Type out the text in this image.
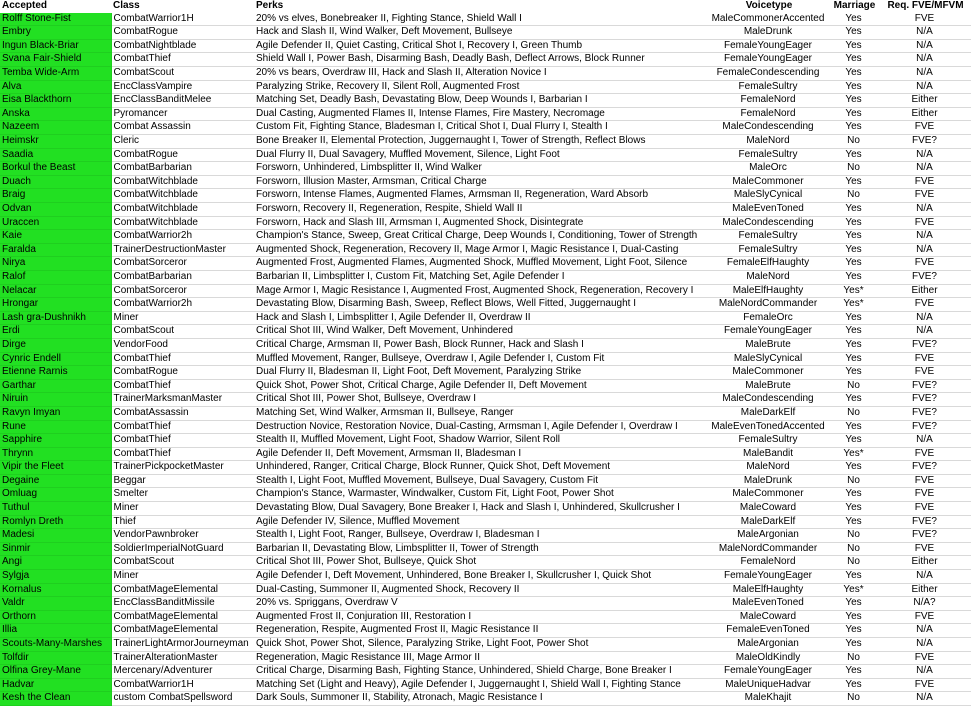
Accepted	Class	Perks	Voicetype	Marriage	Req. FVE/MFVM
Rolff Stone-Fist	CombatWarrior1H	20% vs elves, Bonebreaker II, Fighting Stance, Shield Wall I	MaleCommonerAccented	Yes	FVE
Embry	CombatRogue	Hack and Slash II, Wind Walker, Deft Movement, Bullseye	MaleDrunk	Yes	N/A
Ingun Black-Briar	CombatNightblade	Agile Defender II, Quiet Casting, Critical Shot I, Recovery I, Green Thumb	FemaleYoungEager	Yes	N/A
Svana Fair-Shield	CombatThief	Shield Wall I, Power Bash, Disarming Bash, Deadly Bash, Deflect Arrows, Block Runner	FemaleYoungEager	Yes	N/A
Temba Wide-Arm	CombatScout	20% vs bears, Overdraw III, Hack and Slash II, Alteration Novice I	FemaleCondescending	Yes	N/A
Alva	EncClassVampire	Paralyzing Strike, Recovery II, Silent Roll, Augmented Frost	FemaleSultry	Yes	N/A
Eisa Blackthorn	EncClassBanditMelee	Matching Set, Deadly Bash, Devastating Blow, Deep Wounds I, Barbarian I	FemaleNord	Yes	Either
Anska	Pyromancer	Dual Casting, Augmented Flames II, Intense Flames, Fire Mastery, Necromage	FemaleNord	Yes	Either
Nazeem	Combat Assassin	Custom Fit, Fighting Stance, Bladesman I, Critical Shot I, Dual Flurry I, Stealth I	MaleCondescending	Yes	FVE
Heimskr	Cleric	Bone Breaker II, Elemental Protection, Juggernaught I, Tower of Strength, Reflect Blows	MaleNord	No	FVE?
Saadia	CombatRogue	Dual Flurry II, Dual Savagery, Muffled Movement, Silence, Light Foot	FemaleSultry	Yes	N/A
Borkul the Beast	CombatBarbarian	Forsworn, Unhindered, Limbsplitter II, Wind Walker	MaleOrc	No	N/A
Duach	CombatWitchblade	Forsworn, Illusion Master, Armsman, Critical Charge	MaleCommoner	Yes	FVE
Braig	CombatWitchblade	Forsworn, Intense Flames, Augmented Flames, Armsman II, Regeneration, Ward Absorb	MaleSlyCynical	No	FVE
Odvan	CombatWitchblade	Forsworn, Recovery II, Regeneration, Respite, Shield Wall II	MaleEvenToned	Yes	N/A
Uraccen	CombatWitchblade	Forsworn, Hack and Slash III, Armsman I, Augmented Shock, Disintegrate	MaleCondescending	Yes	FVE
Kaie	CombatWarrior2h	Champion's Stance, Sweep, Great Critical Charge, Deep Wounds I, Conditioning, Tower of Strength	FemaleSultry	Yes	N/A
Faralda	TrainerDestructionMaster	Augmented Shock, Regeneration, Recovery II, Mage Armor I, Magic Resistance I, Dual-Casting	FemaleSultry	Yes	N/A
Nirya	CombatSorceror	Augmented Frost, Augmented Flames, Augmented Shock, Muffled Movement, Light Foot, Silence	FemaleElfHaughty	Yes	FVE
Ralof	CombatBarbarian	Barbarian II, Limbsplitter I, Custom Fit, Matching Set, Agile Defender I	MaleNord	Yes	FVE?
Nelacar	CombatSorceror	Mage Armor I, Magic Resistance I, Augmented Frost, Augmented Shock, Regeneration, Recovery I	MaleElfHaughty	Yes*	Either
Hrongar	CombatWarrior2h	Devastating Blow, Disarming Bash, Sweep, Reflect Blows, Well Fitted, Juggernaught I	MaleNordCommander	Yes*	FVE
Lash gra-Dushnikh	Miner	Hack and Slash I, Limbsplitter I, Agile Defender II, Overdraw II	FemaleOrc	Yes	N/A
Erdi	CombatScout	Critical Shot III, Wind Walker, Deft Movement, Unhindered	FemaleYoungEager	Yes	N/A
Dirge	VendorFood	Critical Charge, Armsman II, Power Bash, Block Runner, Hack and Slash I	MaleBrute	Yes	FVE?
Cynric Endell	CombatThief	Muffled Movement, Ranger, Bullseye, Overdraw I, Agile Defender I, Custom Fit	MaleSlyCynical	Yes	FVE
Etienne Rarnis	CombatRogue	Dual Flurry II, Bladesman II, Light Foot, Deft Movement, Paralyzing Strike	MaleCommoner	Yes	FVE
Garthar	CombatThief	Quick Shot, Power Shot, Critical Charge, Agile Defender II, Deft Movement	MaleBrute	No	FVE?
Niruin	TrainerMarksmanMaster	Critical Shot III, Power Shot, Bullseye, Overdraw I	MaleCondescending	Yes	FVE?
Ravyn Imyan	CombatAssassin	Matching Set, Wind Walker, Armsman II, Bullseye, Ranger	MaleDarkElf	No	FVE?
Rune	CombatThief	Destruction Novice, Restoration Novice, Dual-Casting, Armsman I, Agile Defender I, Overdraw I	MaleEvenTonedAccented	Yes	FVE?
Sapphire	CombatThief	Stealth II, Muffled Movement, Light Foot, Shadow Warrior, Silent Roll	FemaleSultry	Yes	N/A
Thrynn	CombatThief	Agile Defender II, Deft Movement, Armsman II, Bladesman I	MaleBandit	Yes*	FVE
Vipir the Fleet	TrainerPickpocketMaster	Unhindered, Ranger, Critical Charge, Block Runner, Quick Shot, Deft Movement	MaleNord	Yes	FVE?
Degaine	Beggar	Stealth I, Light Foot, Muffled Movement, Bullseye, Dual Savagery, Custom Fit	MaleDrunk	No	FVE
Omluag	Smelter	Champion's Stance, Warmaster, Windwalker, Custom Fit, Light Foot, Power Shot	MaleCommoner	Yes	FVE
Tuthul	Miner	Devastating Blow, Dual Savagery, Bone Breaker I, Hack and Slash I, Unhindered, Skullcrusher I	MaleCoward	Yes	FVE
Romlyn Dreth	Thief	Agile Defender IV, Silence, Muffled Movement	MaleDarkElf	Yes	FVE?
Madesi	VendorPawnbroker	Stealth I, Light Foot, Ranger, Bullseye, Overdraw I, Bladesman I	MaleArgonian	No	FVE?
Sinmir	SoldierImperialNotGuard	Barbarian II, Devastating Blow, Limbsplitter II, Tower of Strength	MaleNordCommander	No	FVE
Angi	CombatScout	Critical Shot III, Power Shot, Bullseye, Quick Shot	FemaleNord	No	Either
Sylgja	Miner	Agile Defender I, Deft Movement, Unhindered, Bone Breaker I, Skullcrusher I, Quick Shot	FemaleYoungEager	Yes	N/A
Kornalus	CombatMageElemental	Dual-Casting, Summoner II, Augmented Shock, Recovery II	MaleElfHaughty	Yes*	Either
Valdr	EncClassBanditMissile	20% vs. Spriggans, Overdraw V	MaleEvenToned	Yes	N/A?
Orthorn	CombatMageElemental	Augmented Frost II, Conjuration III, Restoration I	MaleCoward	Yes	FVE
Illia	CombatMageElemental	Regeneration, Respite, Augmented Frost II, Magic Resistance II	FemaleEvenToned	Yes	N/A
Scouts-Many-Marshes	TrainerLightArmorJourneyman	Quick Shot, Power Shot, Silence, Paralyzing Strike, Light Foot, Power Shot	MaleArgonian	Yes	N/A
Tolfdir	TrainerAlterationMaster	Regeneration, Magic Resistance III, Mage Armor II	MaleOldKindly	No	FVE
Olfina Grey-Mane	Mercenary/Adventurer	Critical Charge, Disarming Bash, Fighting Stance, Unhindered, Shield Charge, Bone Breaker I	FemaleYoungEager	Yes	N/A
Hadvar	CombatWarrior1H	Matching Set (Light and Heavy), Agile Defender I, Juggernaught I, Shield Wall I, Fighting Stance	MaleUniqueHadvar	Yes	FVE
Kesh the Clean	custom CombatSpellsword	Dark Souls, Summoner II, Stability, Atronach, Magic Resistance I	MaleKhajit	No	N/A
